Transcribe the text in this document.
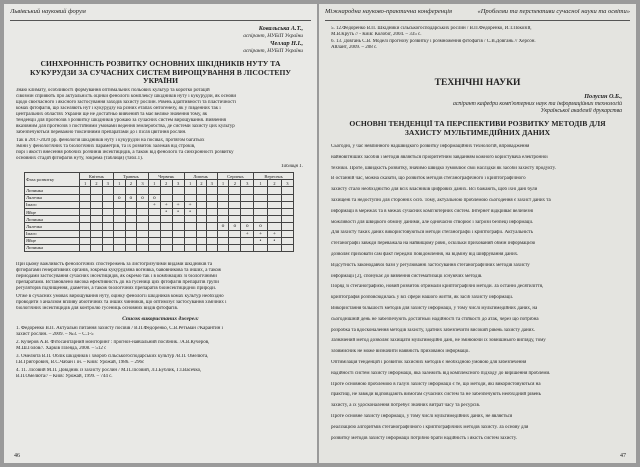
Львівський науковий форум
Ковальська А.Т.,
аспірант, НУБіП України
Челлар Н.І.,
аспірант, НУБіП України
СИНХРОННІСТЬ РОЗВИТКУ ОСНОВНИХ ШКІДНИКІВ НУТУ ТА КУКУРУДЗИ ЗА СУЧАСНИХ СИСТЕМ ВИРОЩУВАННЯ В ЛІСОСТЕПУ УКРАЇНИ
Знаю климату, особливості формування оптимальних польових культур та коротко ротацій
сівозмін сприяють про актуальність оцінки фенології комплексу шкідників нуту і кукурудзи, як основи
щодо своєчасного і якісного застосування заходів захисту рослин. Рівень адаптивності та пластичності
комах фітофагів, що заселяють нут і кукурудзу на різних етапах онтогенезу, як у південних так і
центральних областях України ще не достатньо вивчений та має велике значення тому, як
тенденції для прогнозів з розвитку шкідників урожаю за сучасних систем вирощування. Вивчення
вказівним для прогнозів з постійними умовами ведення землеробства, де системи захисту цих культур
забезпечуються переважно токсичними препаратами до і після цвітіння рослин.
Так в 2017-2020 рр. фенологія шкідників нуту і кукурудзи на посівах, протягом багатьох
зміни у фенологічних та біологічних параметрів, та їх розвиток залежав від строків,
порі і якості внесення робочих розчинів інсектицидів, а також від фенології та синхронності розвитку
основних стадій фітофагів нуту, зокрема (таблиця) (табл.1).
Таблиця 1.
Фаза розвитку	Квітень			Травень			Червень			Липень			Серпень			Вересень		
	1	2	3	1	2	3	1	2	3	1	2	3	1	2	3	1	2	3
Личинка																		
Лялечка				о	о	о	о											
Імаго							+	+	+	+								
Яйце								•	•	•								
Личинка																		
Лялечка													о	о	о	о		
Імаго															+	+	+	
Яйце																•	•	
Личинка																		
При цьому важливість фенологічних спостережень за листогризучими видами шкідників та
фітофагами генеративних органів, зокрема кукурудзяна вогнівка, бавовникова та інших, а також
периодами застосування сучасних інсектицидів, як окремо так і в комбінаціях зі біологічними
препаратами. Встановлено висока ефективність дії на гусениці цих фітофагів препаратів групи
регуляторів підчищення, діаметон, а також біологічних препаратів біоінсектицидної природи.
Отже в сучасних умовах вирощування нуту, оцінку фенології шкідників комах культур необхідно
проводити з аналізом впливу абіотичних та інших чинників, що оптимізує застосування хімічних і
біологічних інсектицидів для контролю гусениць основних видів фітофагів.
Список використаних джерел:
1. Федоренко В.П. Актуальні питання захисту посівів / В.П.Федоренко, С.В.Ретьман //Карантин і
захист рослин. – 2009. – №3. – С.1-5
2. Кучеров А.В. Фітосанітарний моніторинг : прогноз-навчальний посібник. /А.В.Кучеров,
М.Ш.Голов//. Харків Плеяда, 2008. – 512 с
3. Омелюта В.П. Облік шкідників і хвороб сільськогосподарських культур /В.П. Омелюта,
І.В.Григорович, В.С.Чабан і ін. – Київ: Урожай, 1986. – 296с
4. 11. Лісовий М.П. Довідник із захисту рослин / М.П.Лісовий, Л.І.Бублик, Г.І.Васечко,
В.П.Омелюта// – Київ: Урожай, 1999. – 744 с.
46
Міжнародна науково-практична конференція	«Проблеми та перспективи сучасної науки та освіти»
5. 12.Федоренко В.П. Шкідники сільськогосподарських рослин / В.П.Федоренко, Й.Т.Покозій,
М.В.Круть // - Київ: Колобіг, 2004. – 335 с.
6. 13. Довгань С.В. Моделі прогнозу розвитку і розмноження фітофагів / С.В.Довгань // Херсон.
Айлант, 2009. – 208 с.
ТЕХНІЧНІ НАУКИ
Полусин О.Б.,
аспірант кафедри комп'ютерних наук та інформаційних технологій
Української академії друкарства
ОСНОВНІ ТЕНДЕНЦІЇ ТА ПЕРСПЕКТИВИ РОЗВИТКУ МЕТОДІВ ДЛЯ ЗАХИСТУ МУЛЬТИМЕДІЙНИХ ДАНИХ
Сьогодні, у час невпинного надшвидкого розвитку інформаційних технологій, впровадження
найновітніших засобів і методів являється пріоритетним завданням кожного користувача електронної
техніки. Проте, швидкість розвитку, значимо швидко зумовлює свої наслідки як засоби захисту продукту.
В останній час, можна сказати, що розвиток методів стеганографічного і криптографічного
захисту стало необхідністю для всіх власників цифрових даних. Всі бажають, щоб їхні дані були
захищені та недоступні для сторонніх осіб. Тому, актуальною проблемою сьогодення є захист даних та
інформації в мережах та в межах сучасних комп'ютерних систем. Інтернет відкриває величезні
можливості для швидкого обміну даними, але одночасно створює і загрози безпеці інформації.
Для захисту таких даних використовуються методи стеганографії і криптографії. Актуальність
стеганографії завжди переважала на найвищому рівні, оскільки прихований обмін інформацією
дозволяє приховати сам факт передачі повідомлення, на відміну від шифрування даних.
Відсутність законодавчої бази у регулюванні застосування стеганографічних методів захисту
інформації [2], спонукає до вивчення систематизації існуючих методів.
Поряд зі стеганографією, новий розвиток отримали криптографічні методи. За останні десятиліття,
криптографія розповсюдилась у всі сфери нашого життя, як засіб захисту інформації.
Використання більшості методів для захисту інформації, у тому числі мультимедійних даних, на
сьогоднішній день не забезпечують достатньої надійності та стійкості до атак, через що потрібна
розробка та вдосконалення методів захисту, здатних забезпечити високий рівень захисту даних.
Зазначений метод дозволяє захищати мультимедійні дані, не змінюючи їх зовнішнього вигляду, тому
зловмисник не може визначити наявність прихованої інформації.
Оптимізація тенденцій і розвиток захисних методів є необхідною умовою для забезпечення
надійності систем захисту інформації, яка залежить від комплексного підходу до вирішення проблеми.
Проте основною проблемою в галузі захисту інформації є те, що методи, які використовуються на
практиці, не завжди відповідають вимогам сучасних систем та не забезпечують необхідний рівень
захисту, а їх удосконалення потребує значних витрат часу та ресурсів.
Проте основне захисту інформації, у тому числі мультимедійних даних, не являється
реалізацією алгоритмів стеганографічного і криптографічних методів захисту. За основу для
розвитку методів захисту інформації потрібно брати надійність і якість систем захисту.
47
